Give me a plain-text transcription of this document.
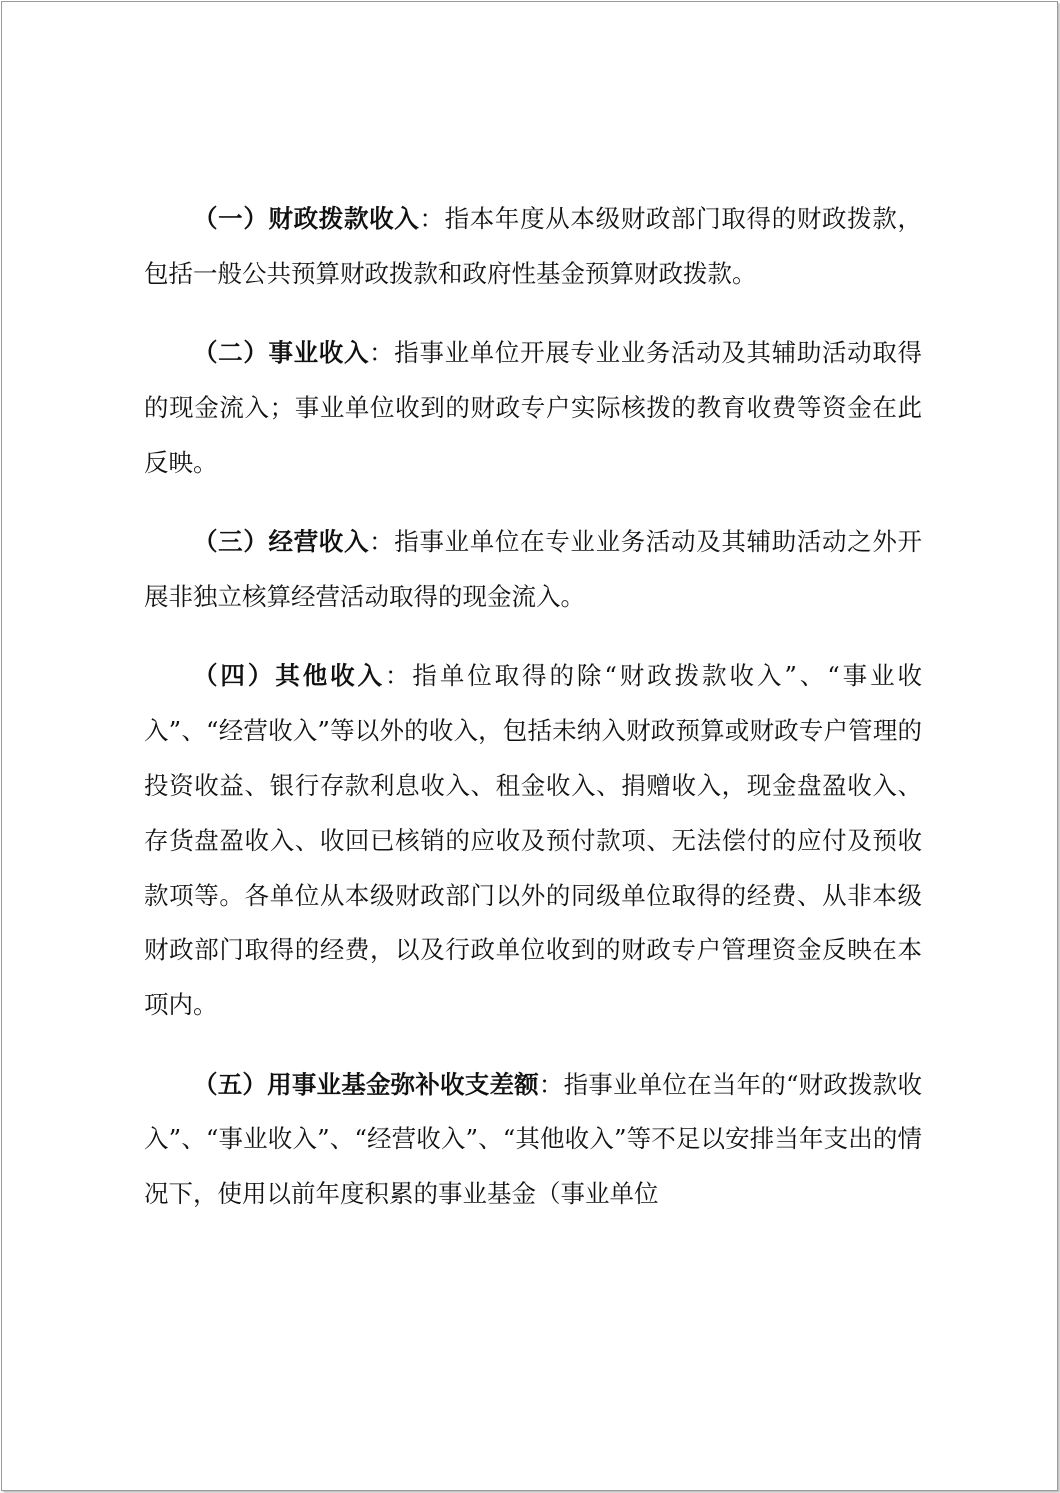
（一）财政拨款收入：指本年度从本级财政部门取得的财政拨款，包括一般公共预算财政拨款和政府性基金预算财政拨款。

（二）事业收入：指事业单位开展专业业务活动及其辅助活动取得的现金流入；事业单位收到的财政专户实际核拨的教育收费等资金在此反映。

（三）经营收入：指事业单位在专业业务活动及其辅助活动之外开展非独立核算经营活动取得的现金流入。

（四）其他收入：指单位取得的除“财政拨款收入”、“事业收入”、“经营收入”等以外的收入，包括未纳入财政预算或财政专户管理的投资收益、银行存款利息收入、租金收入、捐赠收入，现金盘盈收入、存货盘盈收入、收回已核销的应收及预付款项、无法偿付的应付及预收款项等。各单位从本级财政部门以外的同级单位取得的经费、从非本级财政部门取得的经费，以及行政单位收到的财政专户管理资金反映在本项内。

（五）用事业基金弥补收支差额：指事业单位在当年的“财政拨款收入”、“事业收入”、“经营收入”、“其他收入”等不足以安排当年支出的情况下，使用以前年度积累的事业基金（事业单位
